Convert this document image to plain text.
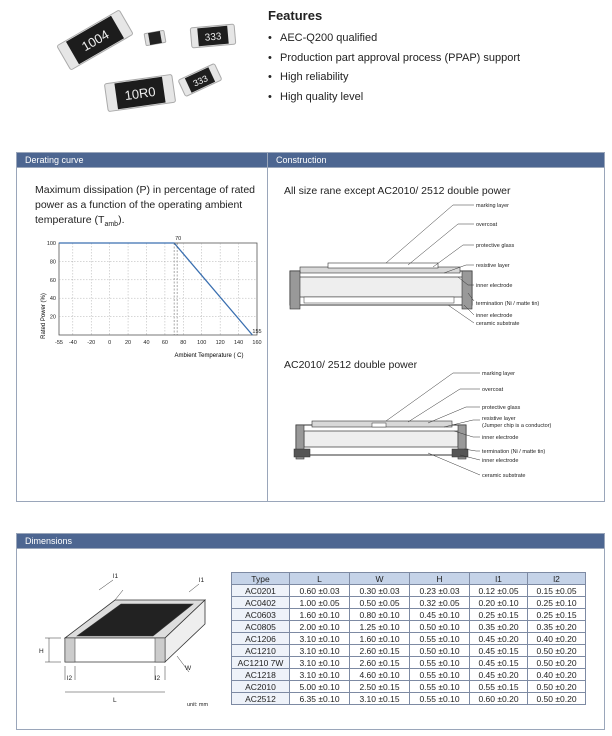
1004	333
10R0
333
Features
• AEC-Q200 qualified
• Production part approval process (PPAP) support
• High reliability
• High quality level
Derating curve
Maximum dissipation (P) in percentage of rated power as a function of the operating ambient temperature $(T_{amb})$.
Rated Power (%)
Ambient Temperature ( C)
-55 -40 -20 0	20 40 60 80 100 120 140 160
20
40
60
80
100
70
155
Construction
All size rane except AC2010/ 2512 double power
marking layer
overcoat
protective glass
resistive layer
inner electrode
termination (Ni / matte tin)
inner electrode
ceramic substrate
AC2010/ 2512 double power
marking layer
overcoat
protective glass
resistive layer
(Jumper chip is a conductor)
inner electrode
termination (Ni / matte tin)
inner electrode
ceramic substrate
Dimensions
l1
l1
H
l2	l2
L
W
unit: mm
Type	L	W	H	l1	l2
AC0201	0.60 ±0.03	0.30 ±0.03	0.23 ±0.03	0.12 ±0.05	0.15 ±0.05
AC0402	1.00 ±0.05	0.50 ±0.05	0.32 ±0.05	0.20 ±0.10	0.25 ±0.10
AC0603	1.60 ±0.10	0.80 ±0.10	0.45 ±0.10	0.25 ±0.15	0.25 ±0.15
AC0805	2.00 ±0.10	1.25 ±0.10	0.50 ±0.10	0.35 ±0.20	0.35 ±0.20
AC1206	3.10 ±0.10	1.60 ±0.10	0.55 ±0.10	0.45 ±0.20	0.40 ±0.20
AC1210	3.10 ±0.10	2.60 ±0.15	0.50 ±0.10	0.45 ±0.15	0.50 ±0.20
AC1210 7W	3.10 ±0.10	2.60 ±0.15	0.55 ±0.10	0.45 ±0.15	0.50 ±0.20
AC1218	3.10 ±0.10	4.60 ±0.10	0.55 ±0.10	0.45 ±0.20	0.40 ±0.20
AC2010	5.00 ±0.10	2.50 ±0.15	0.55 ±0.10	0.55 ±0.15	0.50 ±0.20
AC2512	6.35 ±0.10	3.10 ±0.15	0.55 ±0.10	0.60 ±0.20	0.50 ±0.20
